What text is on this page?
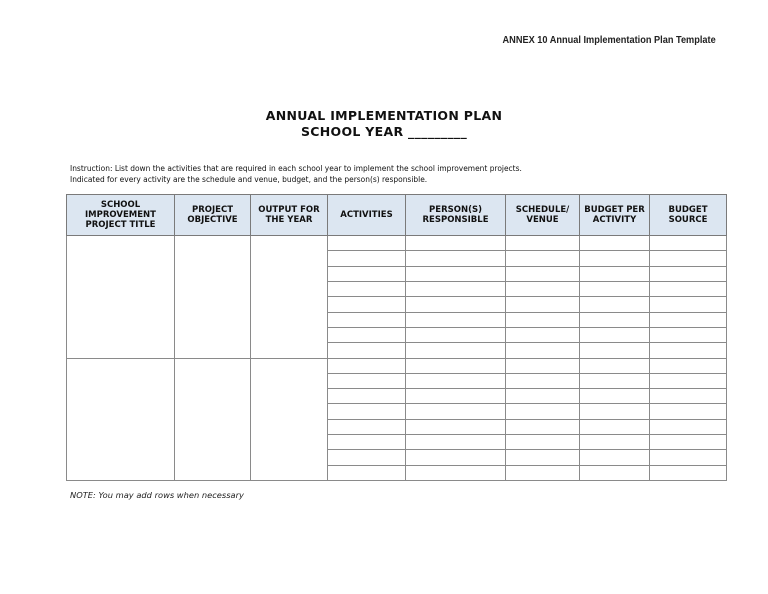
ANNEX 10 Annual Implementation Plan Template
ANNUAL IMPLEMENTATION PLAN
SCHOOL YEAR _________
Instruction: List down the activities that are required in each school year to implement the school improvement projects.
Indicated for every activity are the schedule and venue, budget, and the person(s) responsible.
SCHOOL IMPROVEMENT PROJECT TITLE	PROJECT OBJECTIVE	OUTPUT FOR THE YEAR	ACTIVITIES	PERSON(S) RESPONSIBLE	SCHEDULE/ VENUE	BUDGET PER ACTIVITY	BUDGET SOURCE

NOTE: You may add rows when necessary
